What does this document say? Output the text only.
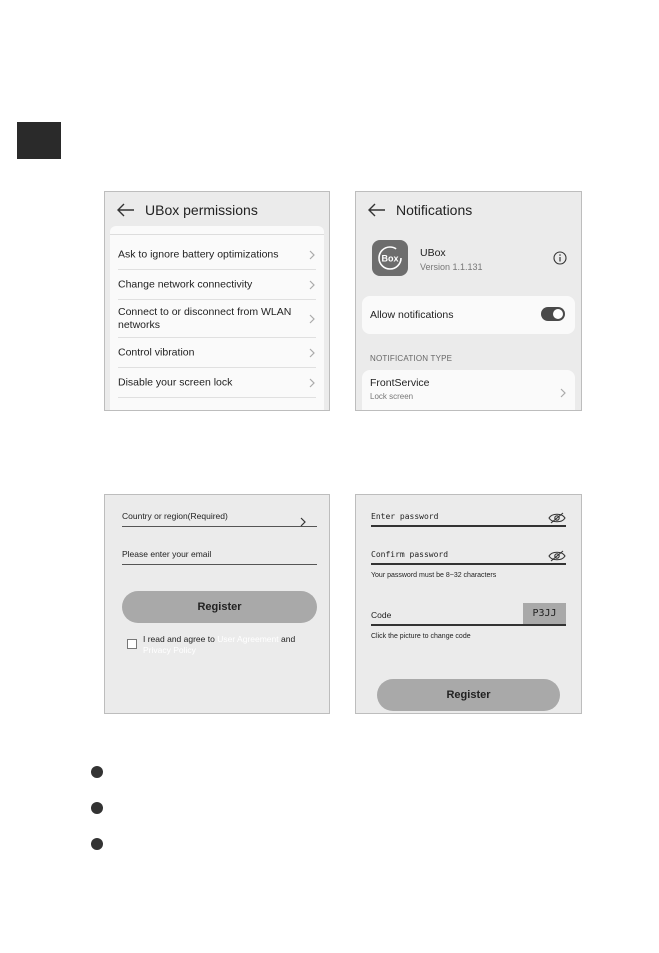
UBox permissions
Ask to ignore battery optimizations
Change network connectivity
Connect to or disconnect from WLAN networks
Control vibration
Disable your screen lock
Notifications
Box UBox
Version 1.1.131
Allow notifications
NOTIFICATION TYPE
FrontService
Lock screen
Country or region(Required)
Please enter your email
Register
I read and agree to User Agreement and
Privacy Policy
Enter password
Confirm password
Your password must be 8~32 characters
Code	P3JJ
Click the picture to change code
Register
